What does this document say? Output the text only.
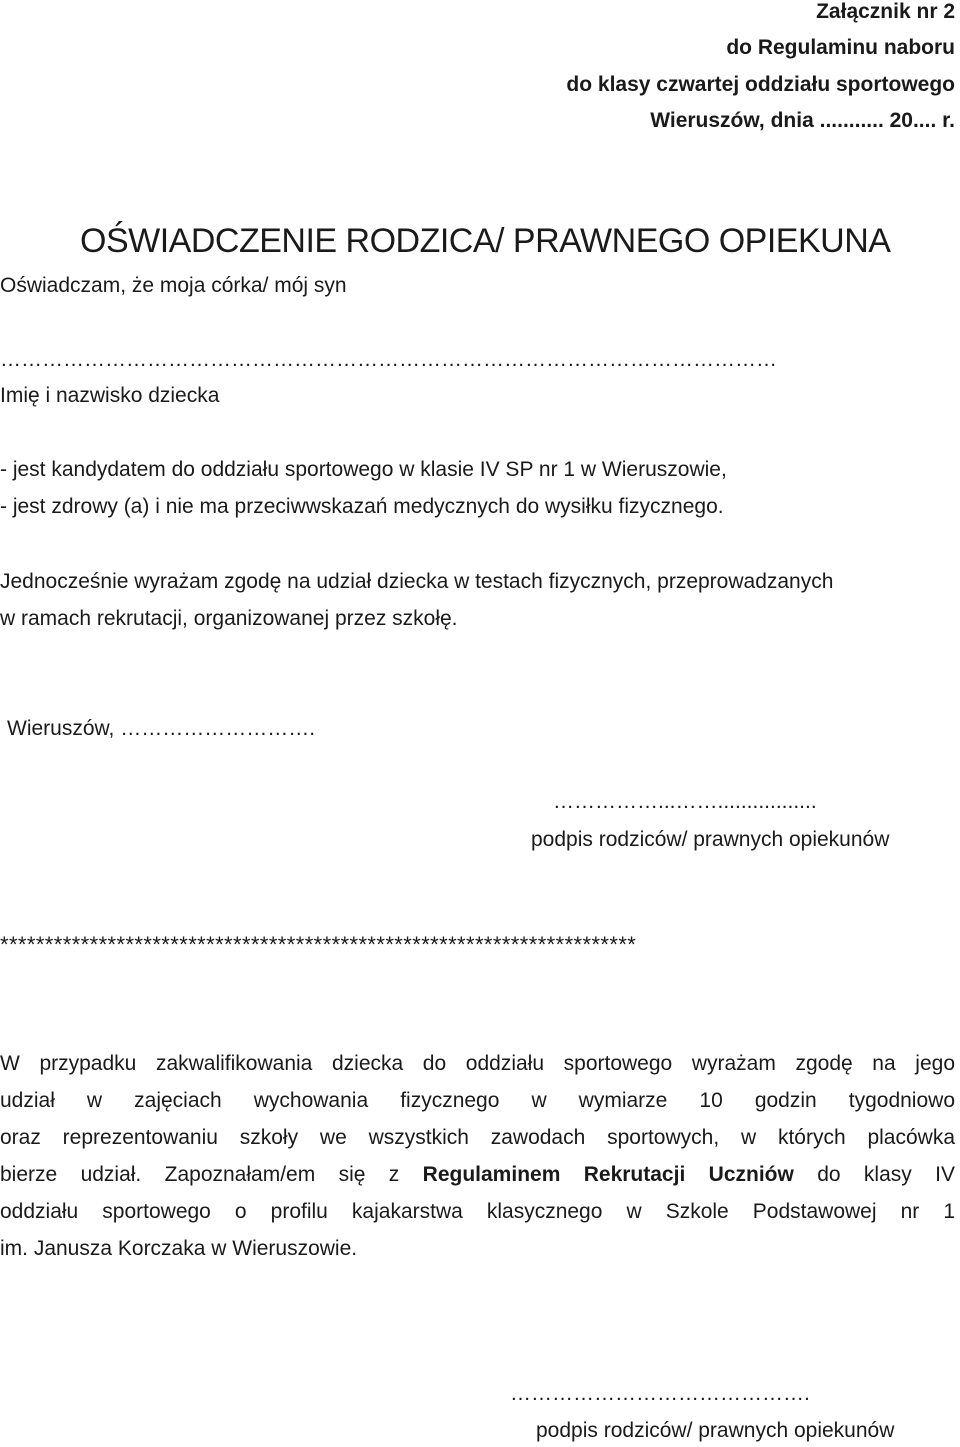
Załącznik nr 2
do Regulaminu naboru
do klasy czwartej oddziału sportowego
Wieruszów, dnia ........... 20.... r.
OŚWIADCZENIE RODZICA/ PRAWNEGO OPIEKUNA
Oświadczam, że moja córka/ mój syn
…………………………………………………………………………………………………
Imię i nazwisko dziecka
- jest kandydatem do oddziału sportowego w klasie IV SP nr 1 w Wieruszowie,
- jest zdrowy (a) i nie ma przeciwwskazań medycznych do wysiłku fizycznego.
Jednocześnie wyrażam zgodę na udział dziecka w testach fizycznych, przeprowadzanych
w ramach rekrutacji, organizowanej przez szkołę.
Wieruszów, ……………………….
……………...…….................
podpis rodziców/ prawnych opiekunów
***********************************************************************
W przypadku zakwalifikowania dziecka do oddziału sportowego wyrażam zgodę na jego
udział w zajęciach wychowania fizycznego w wymiarze 10 godzin tygodniowo
oraz reprezentowaniu szkoły we wszystkich zawodach sportowych, w których placówka
bierze udział. Zapoznałam/em się z Regulaminem Rekrutacji Uczniów do klasy IV
oddziału sportowego o profilu kajakarstwa klasycznego w Szkole Podstawowej nr 1
im. Janusza Korczaka w Wieruszowie.
…………………………………….
podpis rodziców/ prawnych opiekunów
